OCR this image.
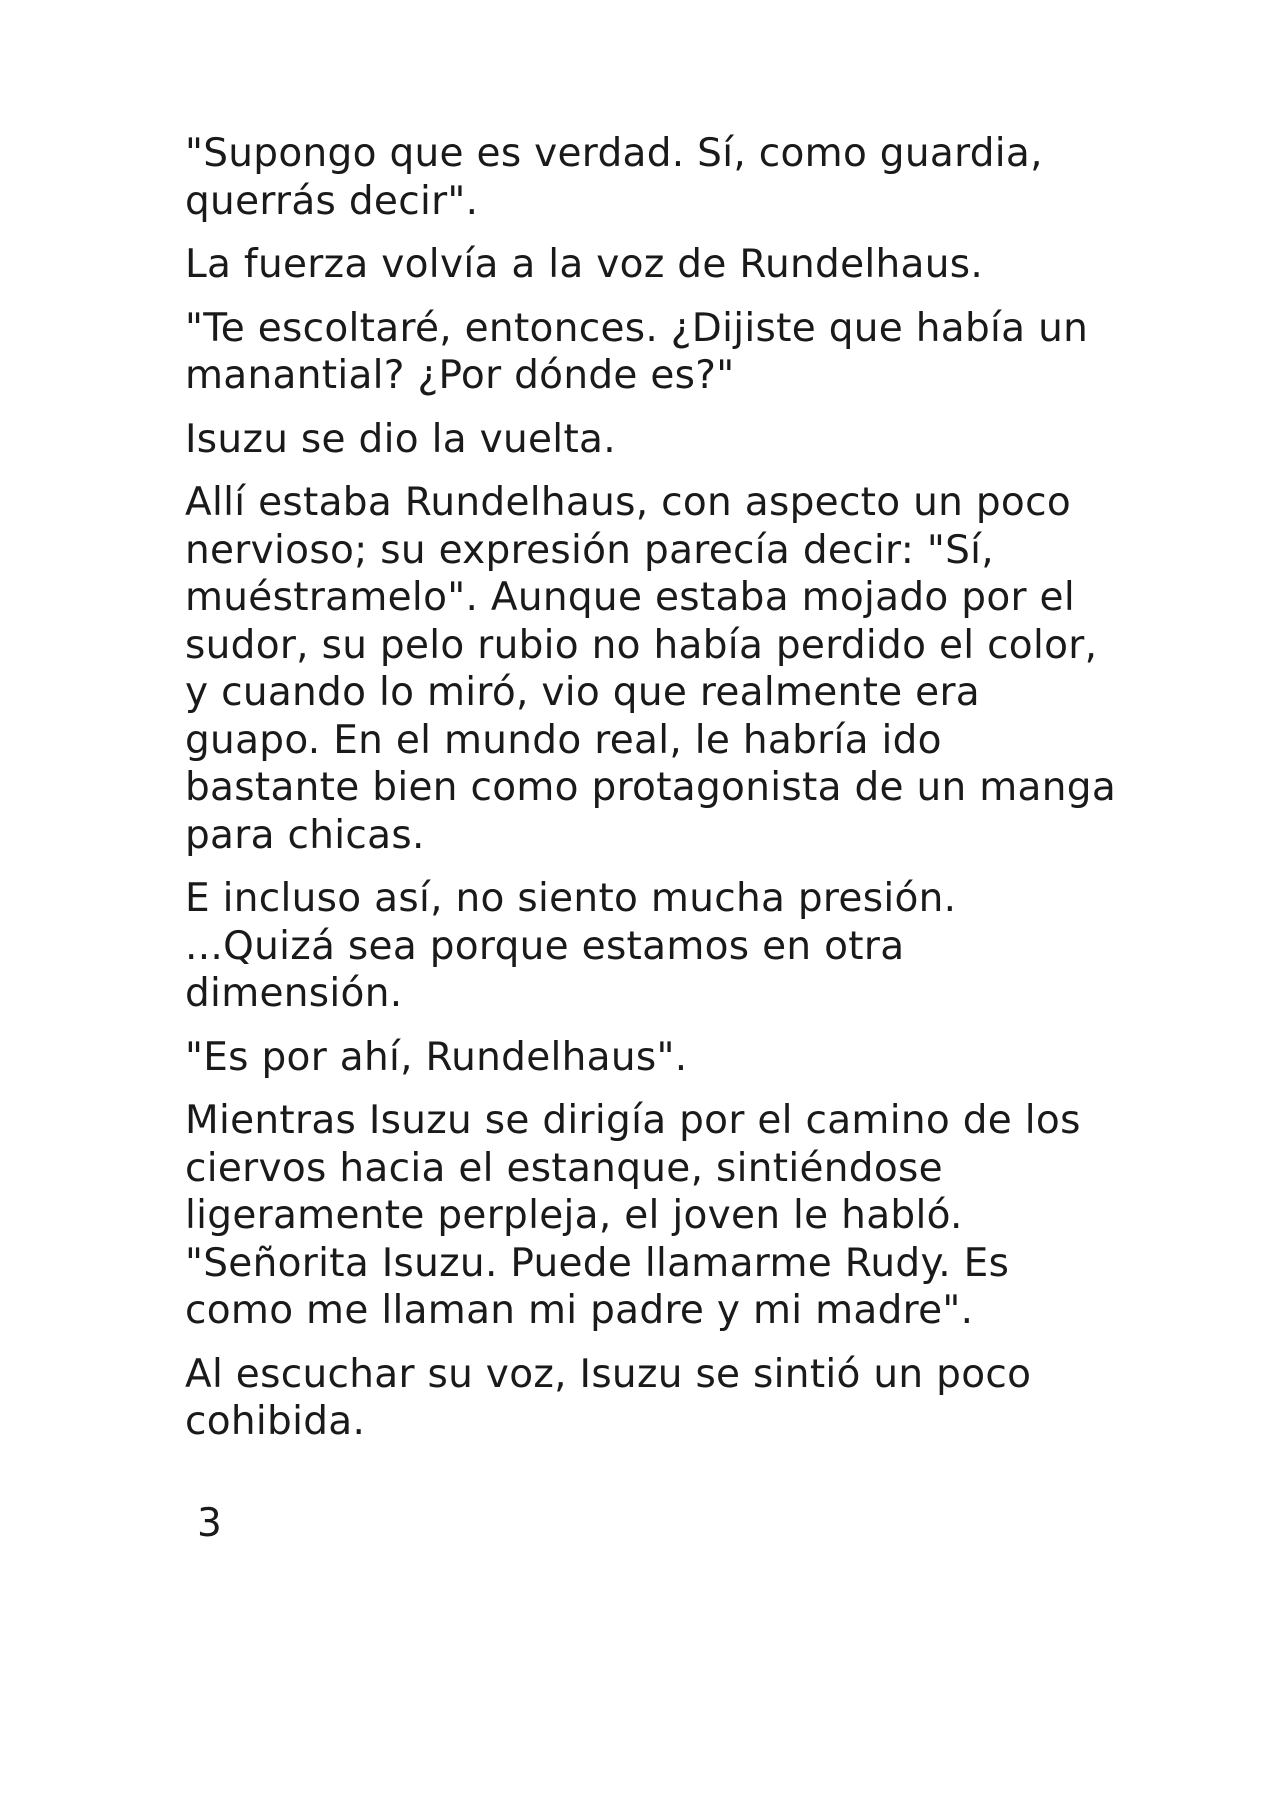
"Supongo que es verdad. Sí, como guardia,
querrás decir".

La fuerza volvía a la voz de Rundelhaus.

"Te escoltaré, entonces. ¿Dijiste que había un
manantial? ¿Por dónde es?"

Isuzu se dio la vuelta.

Allí estaba Rundelhaus, con aspecto un poco
nervioso; su expresión parecía decir: "Sí,
muéstramelo". Aunque estaba mojado por el
sudor, su pelo rubio no había perdido el color,
y cuando lo miró, vio que realmente era
guapo. En el mundo real, le habría ido
bastante bien como protagonista de un manga
para chicas.

E incluso así, no siento mucha presión.
...Quizá sea porque estamos en otra
dimensión.

"Es por ahí, Rundelhaus".

Mientras Isuzu se dirigía por el camino de los
ciervos hacia el estanque, sintiéndose
ligeramente perpleja, el joven le habló.
"Señorita Isuzu. Puede llamarme Rudy. Es
como me llaman mi padre y mi madre".

Al escuchar su voz, Isuzu se sintió un poco
cohibida.

3
